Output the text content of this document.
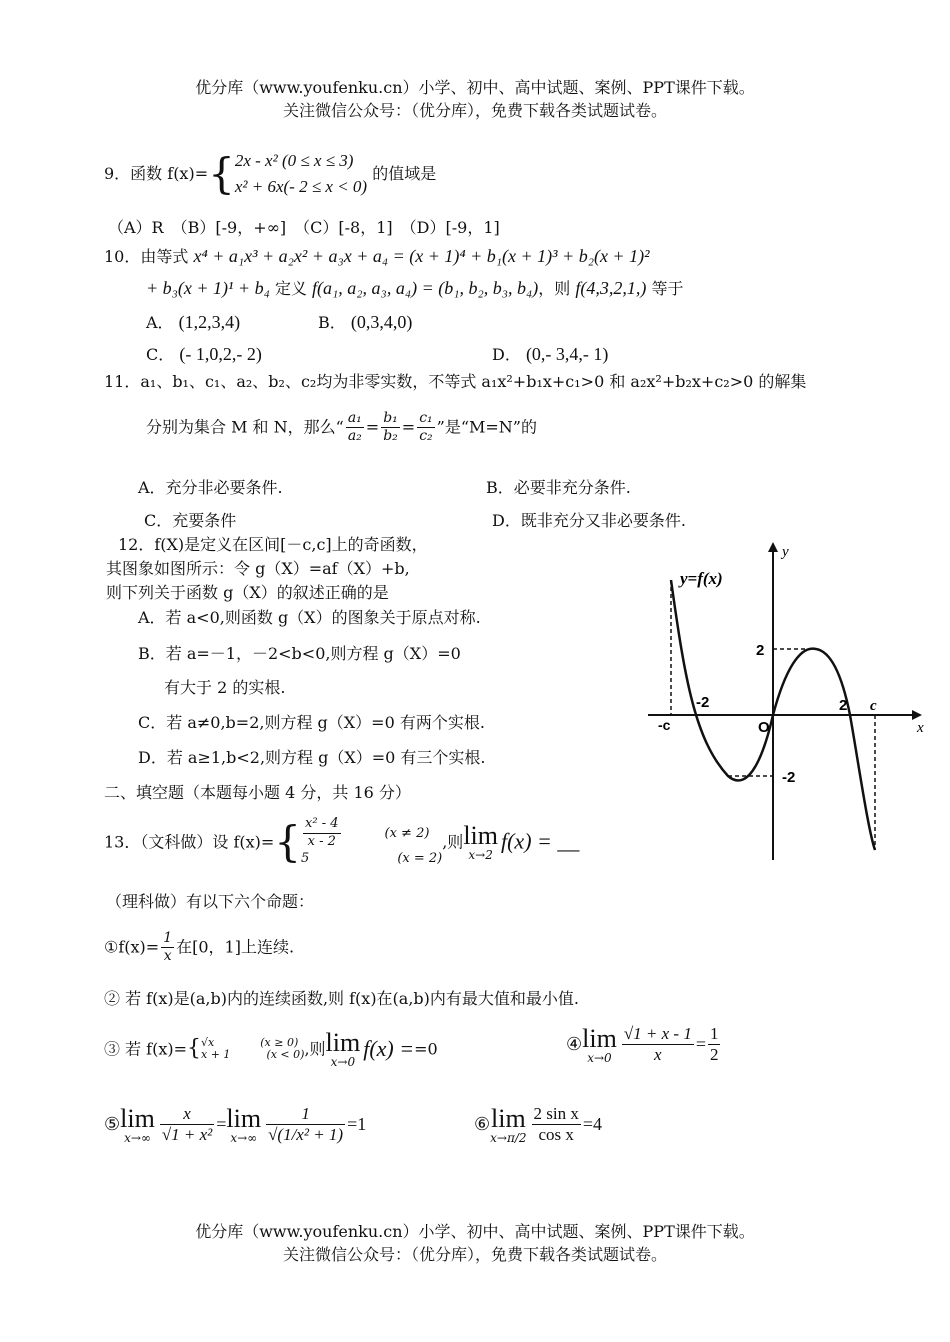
优分库（www.youfenku.cn）小学、初中、高中试题、案例、PPT课件下载。
关注微信公众号：（优分库），免费下载各类试题试卷。
9．函数 f(x)={ 2x - x² (0 ≤ x ≤ 3)
x² + 6x(- 2 ≤ x < 0)
的值域是
（A）R　（B）[-9，+∞]　（C）[-8，1]　（D）[-9，1]
10．由等式 x⁴ + a₁x³ + a₂x² + a₃x + a₄ = (x + 1)⁴ + b₁(x + 1)³ + b₂(x + 1)²
+ b₃(x + 1)¹ + b₄ 定义 f(a₁, a₂, a₃, a₄) = (b₁, b₂, b₃, b₄)，则 f(4,3,2,1,) 等于
A． (1,2,3,4)	B． (0,3,4,0)
C． (- 1,0,2,- 2)	D． (0,- 3,4,- 1)
11．a₁、b₁、c₁、a₂、b₂、c₂均为非零实数，不等式 a₁x²+b₁x+c₁>0 和 a₂x²+b₂x+c₂>0 的解集
分别为集合 M 和 N，那么“ $\frac{\text{a₁}}{\text{a₂}} = \frac{\text{b₁}}{\text{b₂}} = \frac{\text{c₁}}{\text{c₂}}$ ”是“M=N”的
A．充分非必要条件.	B．必要非充分条件.
C．充要条件	D．既非充分又非必要条件.
12．f(X)是定义在区间[－c,c]上的奇函数，
其图象如图所示：令 g（X）=af（X）+b,
则下列关于函数 g（X）的叙述正确的是
A．若 a<0,则函数 g（X）的图象关于原点对称.
B．若 a=－1，－2<b<0,则方程 g（X）=0
有大于 2 的实根.
C．若 a≠0,b=2,则方程 g（X）=0 有两个实根.
D．若 a≥1,b<2,则方程 g（X）=0 有三个实根.
y=f(x)
y
x
O
-c
-2	2 c
2
-2
二、填空题（本题每小题 4 分，共 16 分）
13．（文科做）设 $f(x)=\{ \frac{\text{x² - 4}}{x - 2}$	(x ≠ 2)
5	(x = 2),则 lim
x→2
f(x) = __
（理科做）有以下六个命题：
①f(x)= $\frac{1}{x}$ 在[0，1]上连续.
② 若 f(x)是(a,b)内的连续函数,则 f(x)在(a,b)内有最大值和最小值.
③ 若 f(x)={√x	(x ≥ 0)
x + 1	(x < 0),则 lim
x→0
f(x) ==0	④ lim
$x\to 0 \frac{√1 + x - 1}{x} = \frac{1}{2}$
⑤ lim
$x\to\infty \frac{x}{\text{√1 + x²}} = \lim$
$x\to\infty \frac{1}{\text{√(1/x² + 1)}} =1$	⑥ lim
$x\to\pi/2 \frac{\text{2 sin x}}{\text{cos x}} =4$
优分库（www.youfenku.cn）小学、初中、高中试题、案例、PPT课件下载。
关注微信公众号：（优分库），免费下载各类试题试卷。
